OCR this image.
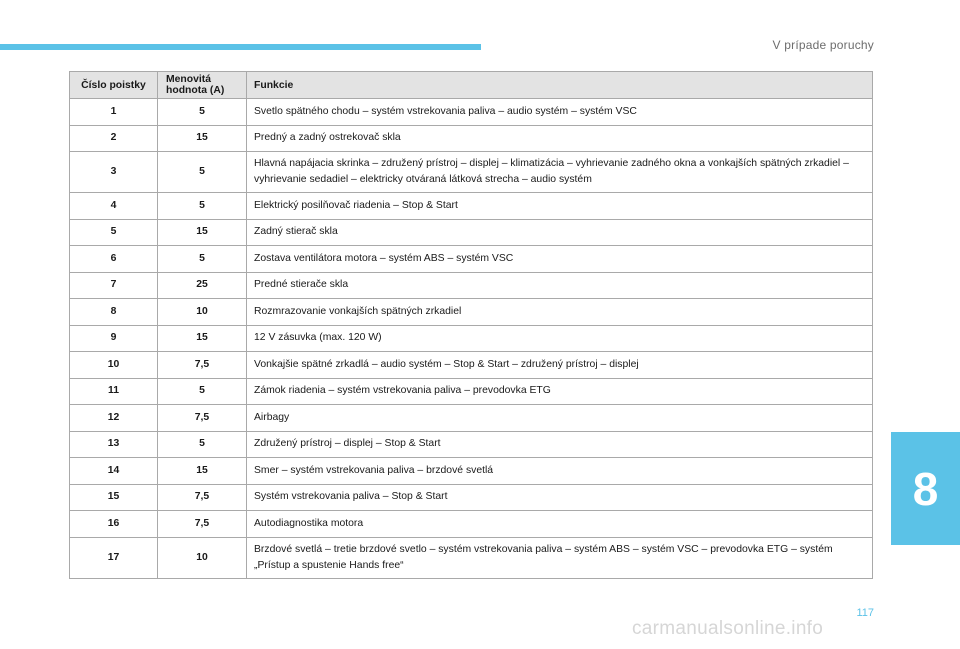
V prípade poruchy
Číslo poistky	Menovitá hodnota (A)	Funkcie
1	5	Svetlo spätného chodu – systém vstrekovania paliva – audio systém – systém VSC
2	15	Predný a zadný ostrekovač skla
3	5	Hlavná napájacia skrinka – združený prístroj – displej – klimatizácia – vyhrievanie zadného okna a vonkajších spätných zrkadiel – vyhrievanie sedadiel – elektricky otváraná látková strecha – audio systém
4	5	Elektrický posilňovač riadenia – Stop & Start
5	15	Zadný stierač skla
6	5	Zostava ventilátora motora – systém ABS – systém VSC
7	25	Predné stierače skla
8	10	Rozmrazovanie vonkajších spätných zrkadiel
9	15	12 V zásuvka (max. 120 W)
10	7,5	Vonkajšie spätné zrkadlá – audio systém – Stop & Start – združený prístroj – displej
11	5	Zámok riadenia – systém vstrekovania paliva – prevodovka ETG
12	7,5	Airbagy
13	5	Združený prístroj – displej – Stop & Start
14	15	Smer – systém vstrekovania paliva – brzdové svetlá
15	7,5	Systém vstrekovania paliva – Stop & Start
16	7,5	Autodiagnostika motora
17	10	Brzdové svetlá – tretie brzdové svetlo – systém vstrekovania paliva – systém ABS – systém VSC – prevodovka ETG – systém „Prístup a spustenie Hands free“
8
117
carmanualsonline.info
